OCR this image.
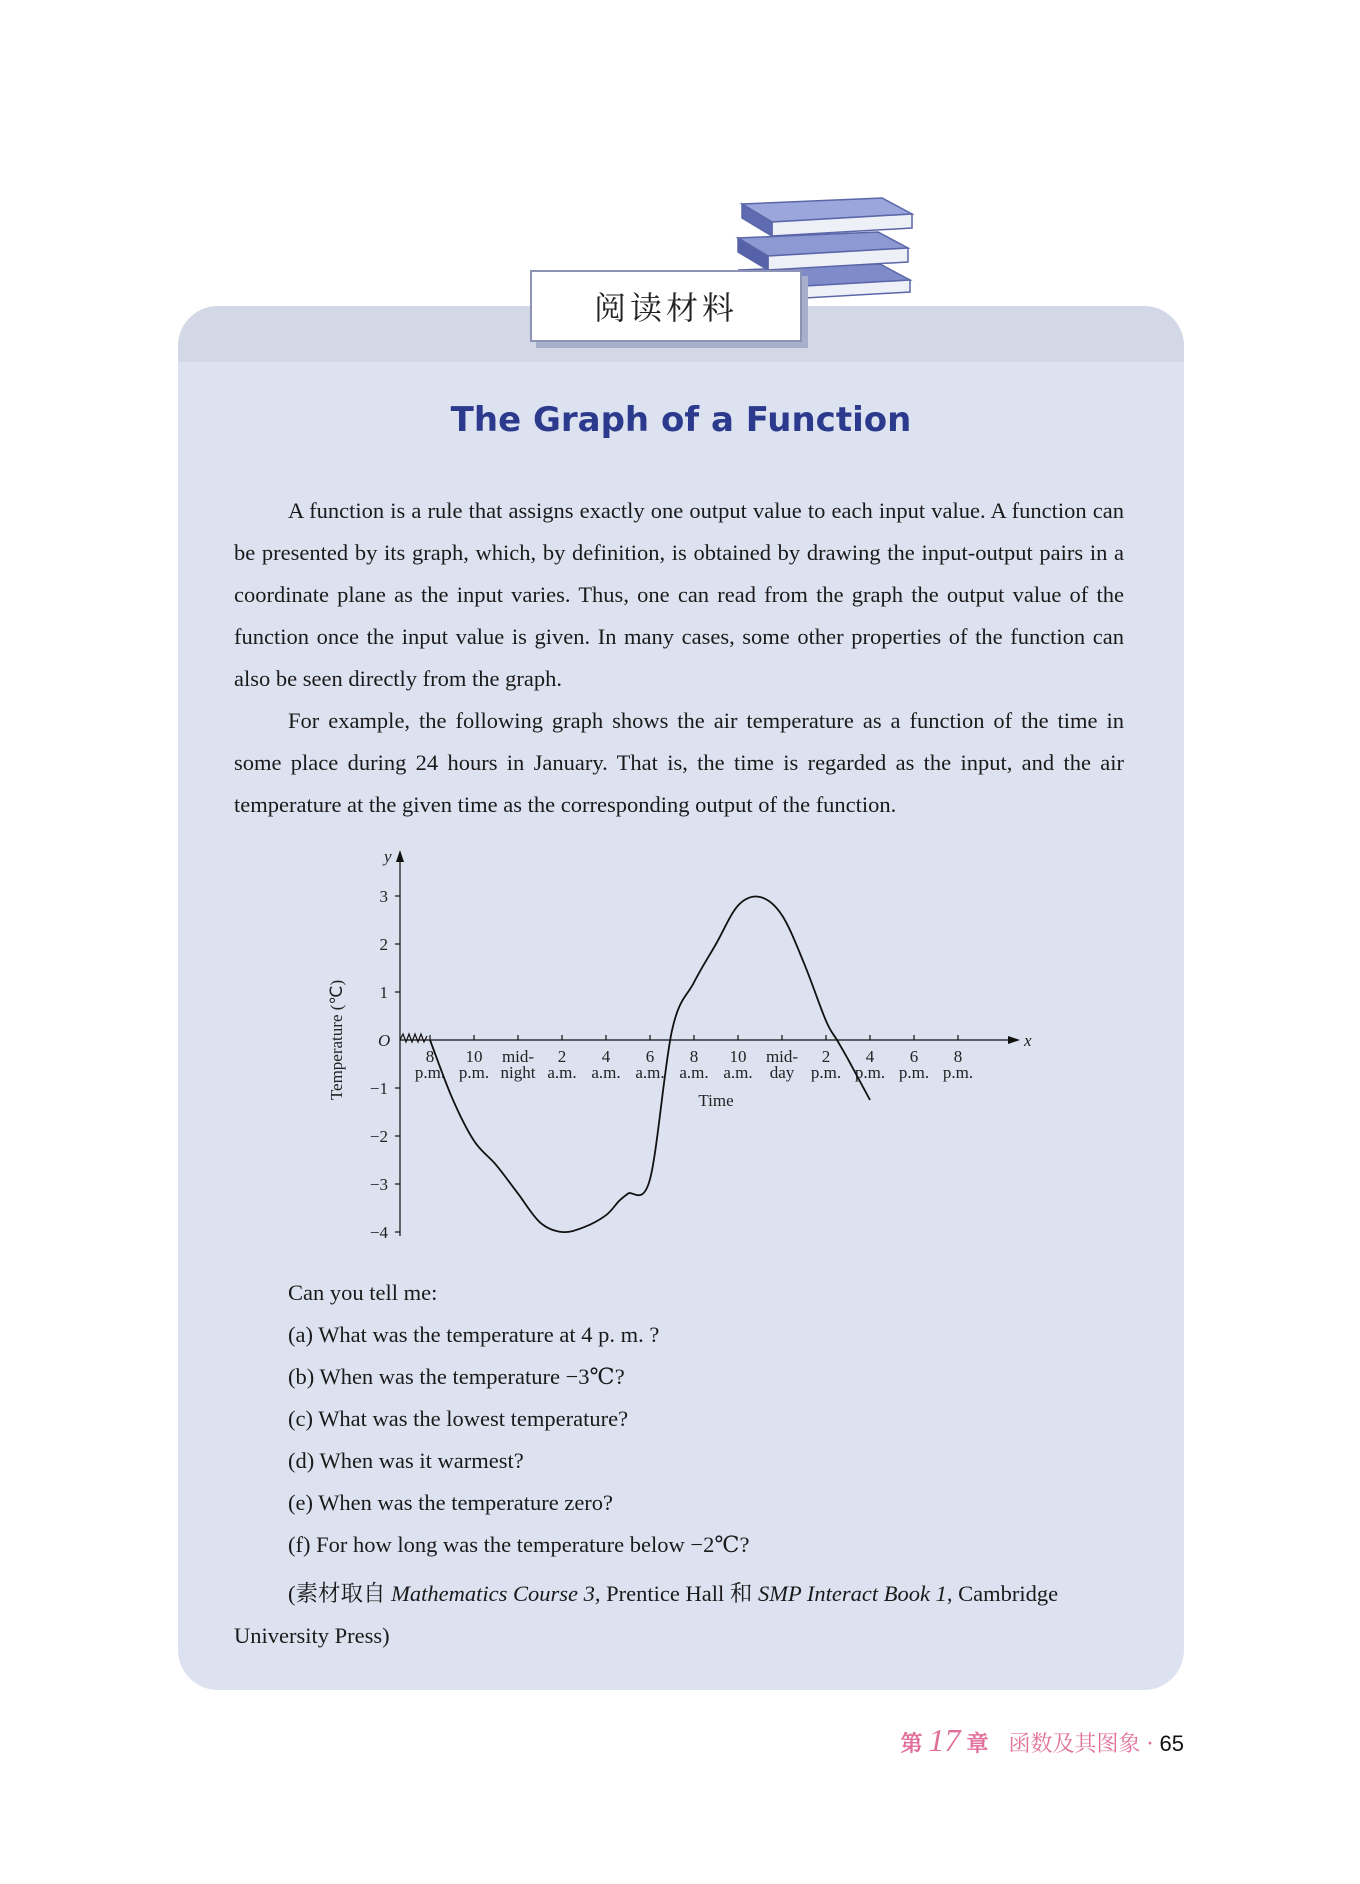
阅读材料
The Graph of a Function

A function is a rule that assigns exactly one output value to each input value. A function can be presented by its graph, which, by definition, is obtained by drawing the input-output pairs in a coordinate plane as the input varies. Thus, one can read from the graph the output value of the function once the input value is given. In many cases, some other properties of the function can also be seen directly from the graph.

For example, the following graph shows the air temperature as a function of the time in some place during 24 hours in January. That is, the time is regarded as the input, and the air temperature at the given time as the corresponding output of the function.

y
x
O
3
2
1
−1
−2
−3
−4
Temperature (℃)	8
p.m.
10
p.m.
mid-
night
2
a.m.
4
a.m.
6
a.m.
8
a.m.
10
a.m.
mid-
day
2
p.m.
4
p.m.
6
p.m.
8
p.m.
Time

Can you tell me:

(a) What was the temperature at 4 p. m. ?

(b) When was the temperature −3℃?

(c) What was the lowest temperature?

(d) When was it warmest?

(e) When was the temperature zero?

(f) For how long was the temperature below −2℃?

(素材取自 Mathematics Course 3, Prentice Hall 和 SMP Interact Book 1, Cambridge University Press)

第 17 章 函数及其图象 · 65
